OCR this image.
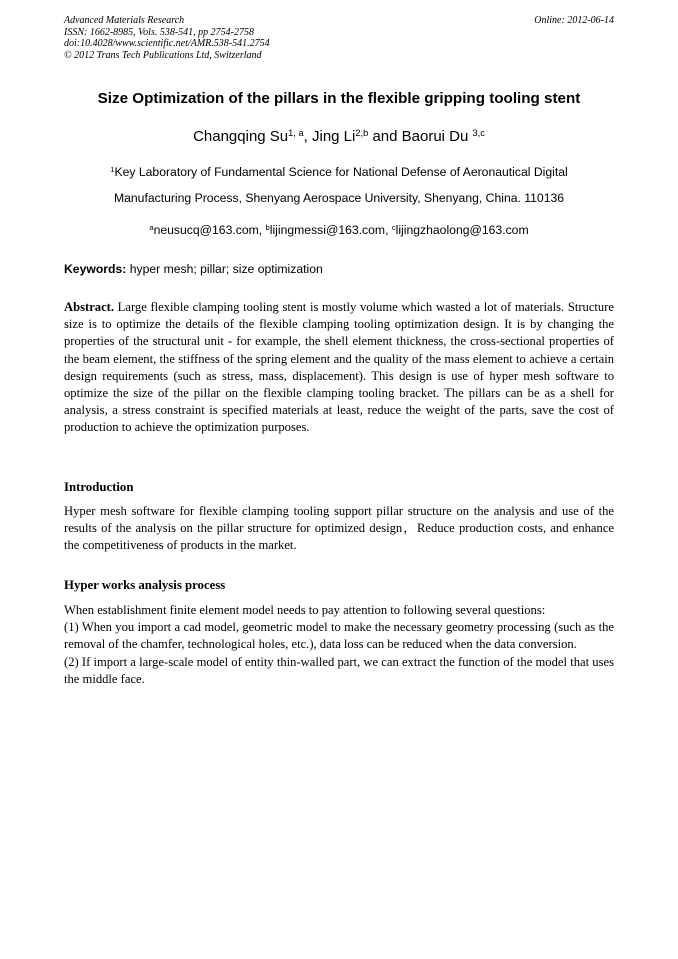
Advanced Materials Research
ISSN: 1662-8985, Vols. 538-541, pp 2754-2758
doi:10.4028/www.scientific.net/AMR.538-541.2754
© 2012 Trans Tech Publications Ltd, Switzerland
Online: 2012-06-14
Size Optimization of the pillars in the flexible gripping tooling stent
Changqing Su$^{1, a}$, Jing Li$^{2,b}$ and Baorui Du $^{3,c}$
$^1$Key Laboratory of Fundamental Science for National Defense of Aeronautical Digital
Manufacturing Process, Shenyang Aerospace University, Shenyang, China. 110136
$^a$neusucq@163.com, $^b$lijingmessi@163.com, $^c$lijingzhaolong@163.com
Keywords: hyper mesh; pillar; size optimization
Abstract. Large flexible clamping tooling stent is mostly volume which wasted a lot of materials. Structure size is to optimize the details of the flexible clamping tooling optimization design. It is by changing the properties of the structural unit - for example, the shell element thickness, the cross-sectional properties of the beam element, the stiffness of the spring element and the quality of the mass element to achieve a certain design requirements (such as stress, mass, displacement). This design is use of hyper mesh software to optimize the size of the pillar on the flexible clamping tooling bracket. The pillars can be as a shell for analysis, a stress constraint is specified materials at least, reduce the weight of the parts, save the cost of production to achieve the optimization purposes.
Introduction
Hyper mesh software for flexible clamping tooling support pillar structure on the analysis and use of the results of the analysis on the pillar structure for optimized design，Reduce production costs, and enhance the competitiveness of products in the market.
Hyper works analysis process

When establishment finite element model needs to pay attention to following several questions:

(1) When you import a cad model, geometric model to make the necessary geometry processing (such as the removal of the chamfer, technological holes, etc.), data loss can be reduced when the data conversion.

(2) If import a large-scale model of entity thin-walled part, we can extract the function of the model that uses the middle face.
